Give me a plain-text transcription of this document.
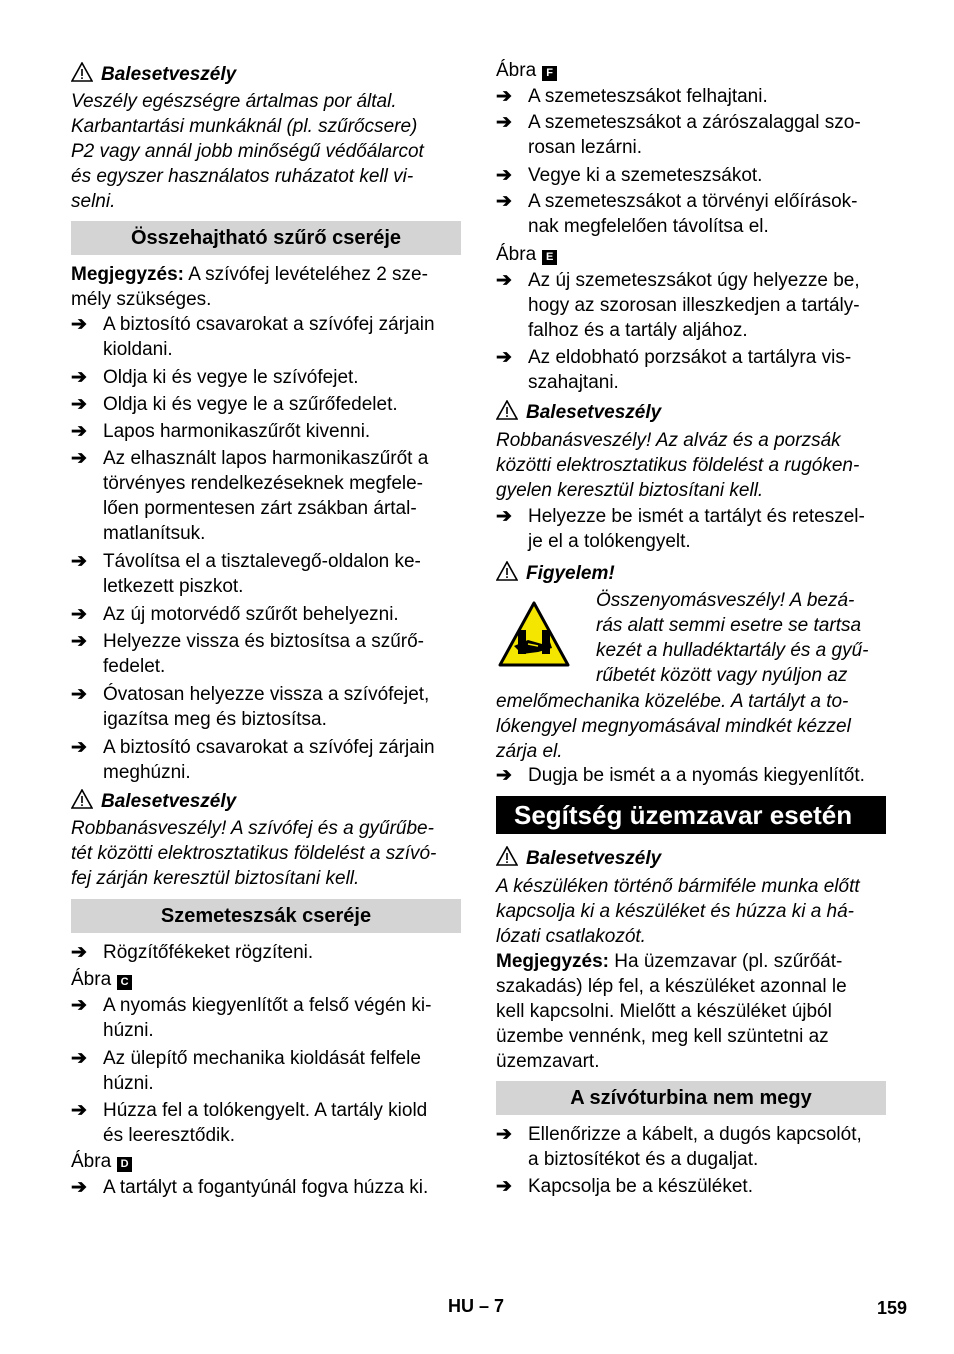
Balesetveszély
Veszély egészségre ártalmas por által.
Karbantartási munkáknál (pl. szűrőcsere)
P2 vagy annál jobb minőségű védőálarcot
és egyszer használatos ruházatot kell vi-
selni.
Összehajtható szűrő cseréje
Megjegyzés: A szívófej levételéhez 2 sze-
mély szükséges.
➔ A biztosító csavarokat a szívófej zárjain
kioldani.
➔ Oldja ki és vegye le szívófejet.
➔ Oldja ki és vegye le a szűrőfedelet.
➔ Lapos harmonikaszűrőt kivenni.
➔ Az elhasznált lapos harmonikaszűrőt a
törvényes rendelkezéseknek megfele-
lően pormentesen zárt zsákban ártal-
matlanítsuk.
➔ Távolítsa el a tisztalevegő-oldalon ke-
letkezett piszkot.
➔ Az új motorvédő szűrőt behelyezni.
➔ Helyezze vissza és biztosítsa a szűrő-
fedelet.
➔ Óvatosan helyezze vissza a szívófejet,
igazítsa meg és biztosítsa.
➔ A biztosító csavarokat a szívófej zárjain
meghúzni.
Balesetveszély
Robbanásveszély! A szívófej és a gyűrűbe-
tét közötti elektrosztatikus földelést a szívó-
fej zárján keresztül biztosítani kell.
Szemeteszsák cseréje
➔ Rögzítőfékeket rögzíteni.
Ábra C
➔ A nyomás kiegyenlítőt a felső végén ki-
húzni.
➔ Az ülepítő mechanika kioldását felfele
húzni.
➔ Húzza fel a tolókengyelt. A tartály kiold
és leeresztődik.
Ábra D
➔ A tartályt a fogantyúnál fogva húzza ki.
Ábra F
➔ A szemeteszsákot felhajtani.
➔ A szemeteszsákot a zárószalaggal szo-
rosan lezárni.
➔ Vegye ki a szemeteszsákot.
➔ A szemeteszsákot a törvényi előírások-
nak megfelelően távolítsa el.
Ábra E
➔ Az új szemeteszsákot úgy helyezze be,
hogy az szorosan illeszkedjen a tartály-
falhoz és a tartály aljához.
➔ Az eldobható porzsákot a tartályra vis-
szahajtani.
Balesetveszély
Robbanásveszély! Az alváz és a porzsák
közötti elektrosztatikus földelést a rugóken-
gyelen keresztül biztosítani kell.
➔ Helyezze be ismét a tartályt és reteszel-
je el a tolókengyelt.
Figyelem!
Összenyomásveszély! A bezá-
rás alatt semmi esetre se tartsa
kezét a hulladéktartály és a gyű-
rűbetét között vagy nyúljon az
emelőmechanika közelébe. A tartályt a to-
lókengyel megnyomásával mindkét kézzel
zárja el.
➔ Dugja be ismét a a nyomás kiegyenlítőt.
Segítség üzemzavar esetén
Balesetveszély
A készüléken történő bármiféle munka előtt
kapcsolja ki a készüléket és húzza ki a há-
lózati csatlakozót.
Megjegyzés: Ha üzemzavar (pl. szűrőát-
szakadás) lép fel, a készüléket azonnal le
kell kapcsolni. Mielőtt a készüléket újból
üzembe vennénk, meg kell szüntetni az
üzemzavart.
A szívóturbina nem megy
➔ Ellenőrizze a kábelt, a dugós kapcsolót,
a biztosítékot és a dugaljat.
➔ Kapcsolja be a készüléket.
HU – 7	159
